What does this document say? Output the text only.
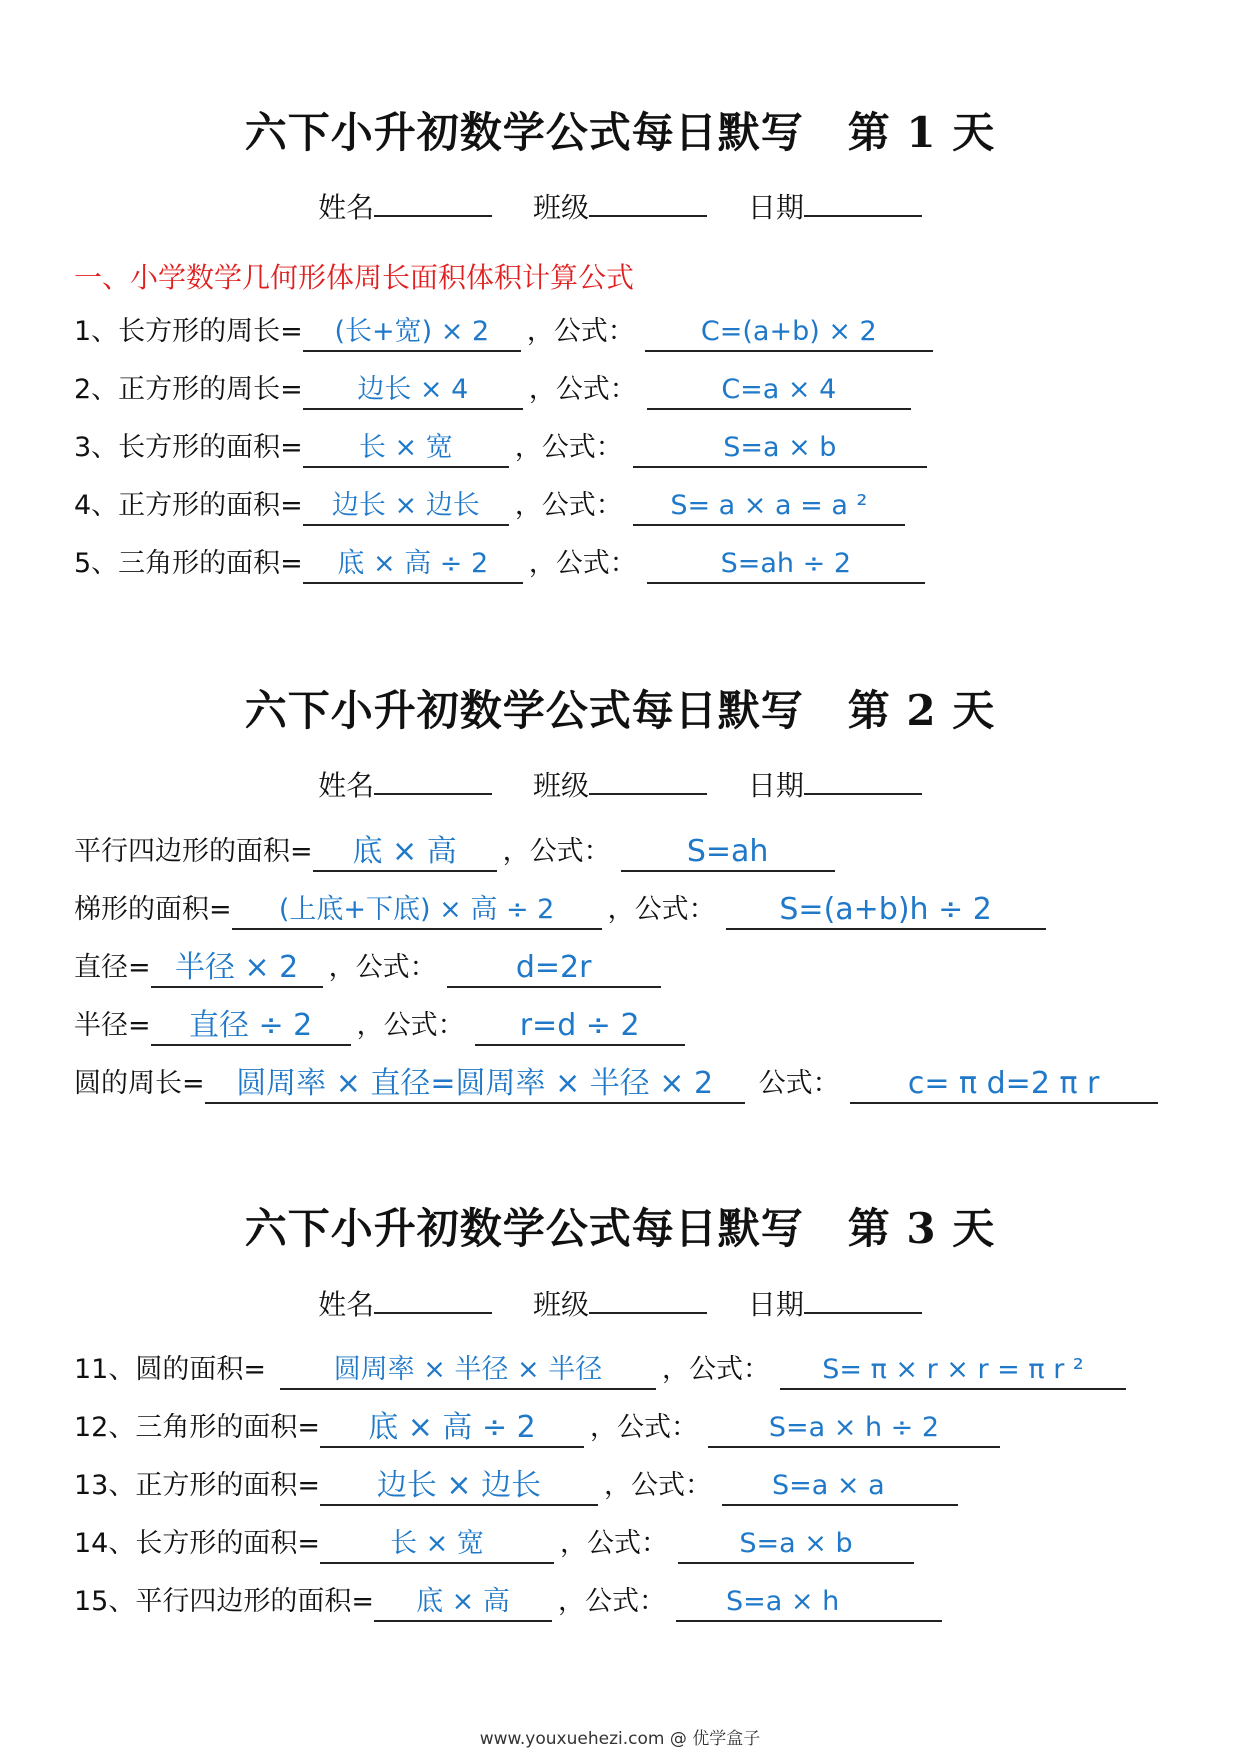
六下小升初数学公式每日默写 第 1 天
姓名	班级	日期
一、小学数学几何形体周长面积体积计算公式
1、长方形的周长= (长+宽) × 2 ，公式： C=(a+b) × 2
2、正方形的周长= 边长 × 4 ，公式：	C=a × 4
3、长方形的面积= 长 × 宽 ，公式：	S=a × b
4、正方形的面积= 边长 × 边长 ，公式： S= a × a = a ²
5、三角形的面积= 底 × 高 ÷ 2 ，公式：	S=ah ÷ 2
六下小升初数学公式每日默写 第 2 天
姓名	班级	日期
平行四边形的面积= 底 × 高 ，公式：	S=ah
梯形的面积= (上底+下底) × 高 ÷ 2 ，公式： S=(a+b)h ÷ 2
直径= 半径 × 2 ，公式：	d=2r
半径= 直径 ÷ 2 ，公式： r=d ÷ 2
圆的周长= 圆周率 × 直径=圆周率 × 半径 × 2 公式： c= π d=2 π r
六下小升初数学公式每日默写 第 3 天
姓名	班级	日期
11、圆的面积=	圆周率 × 半径 × 半径 ，公式： S= π × r × r = π r ²
12、三角形的面积= 底 × 高 ÷ 2 ，公式：	S=a × h ÷ 2
13、正方形的面积= 边长 × 边长 ，公式： S=a × a
14、长方形的面积=	长 × 宽	，公式：	S=a × b
15、平行四边形的面积= 底 × 高 ，公式： S=a × h
www.youxuehezi.com @ 优学盒子
